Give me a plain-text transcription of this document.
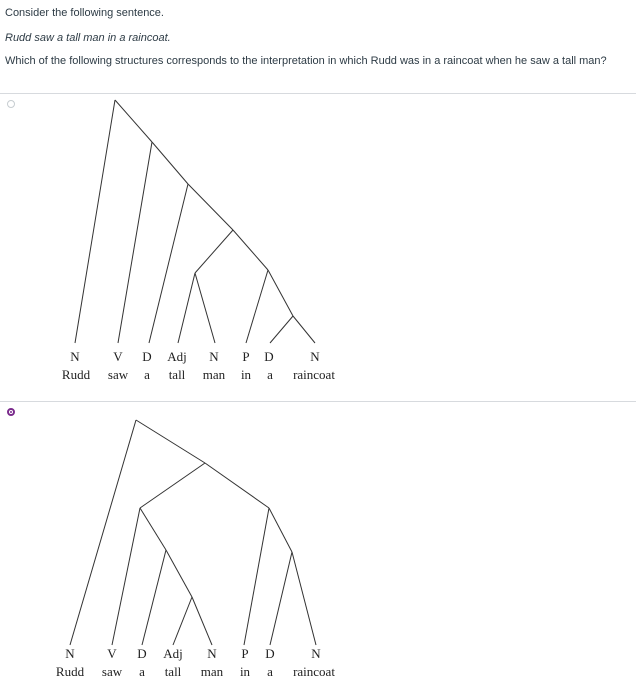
Consider the following sentence.
Rudd saw a tall man in a raincoat.
Which of the following structures corresponds to the interpretation in which Rudd was in a raincoat when he saw a tall man?
N	V D Adj N P D	N
Rudd saw a tall man in a raincoat
N	V D Adj N P D	N
Rudd saw a tall man in a raincoat
